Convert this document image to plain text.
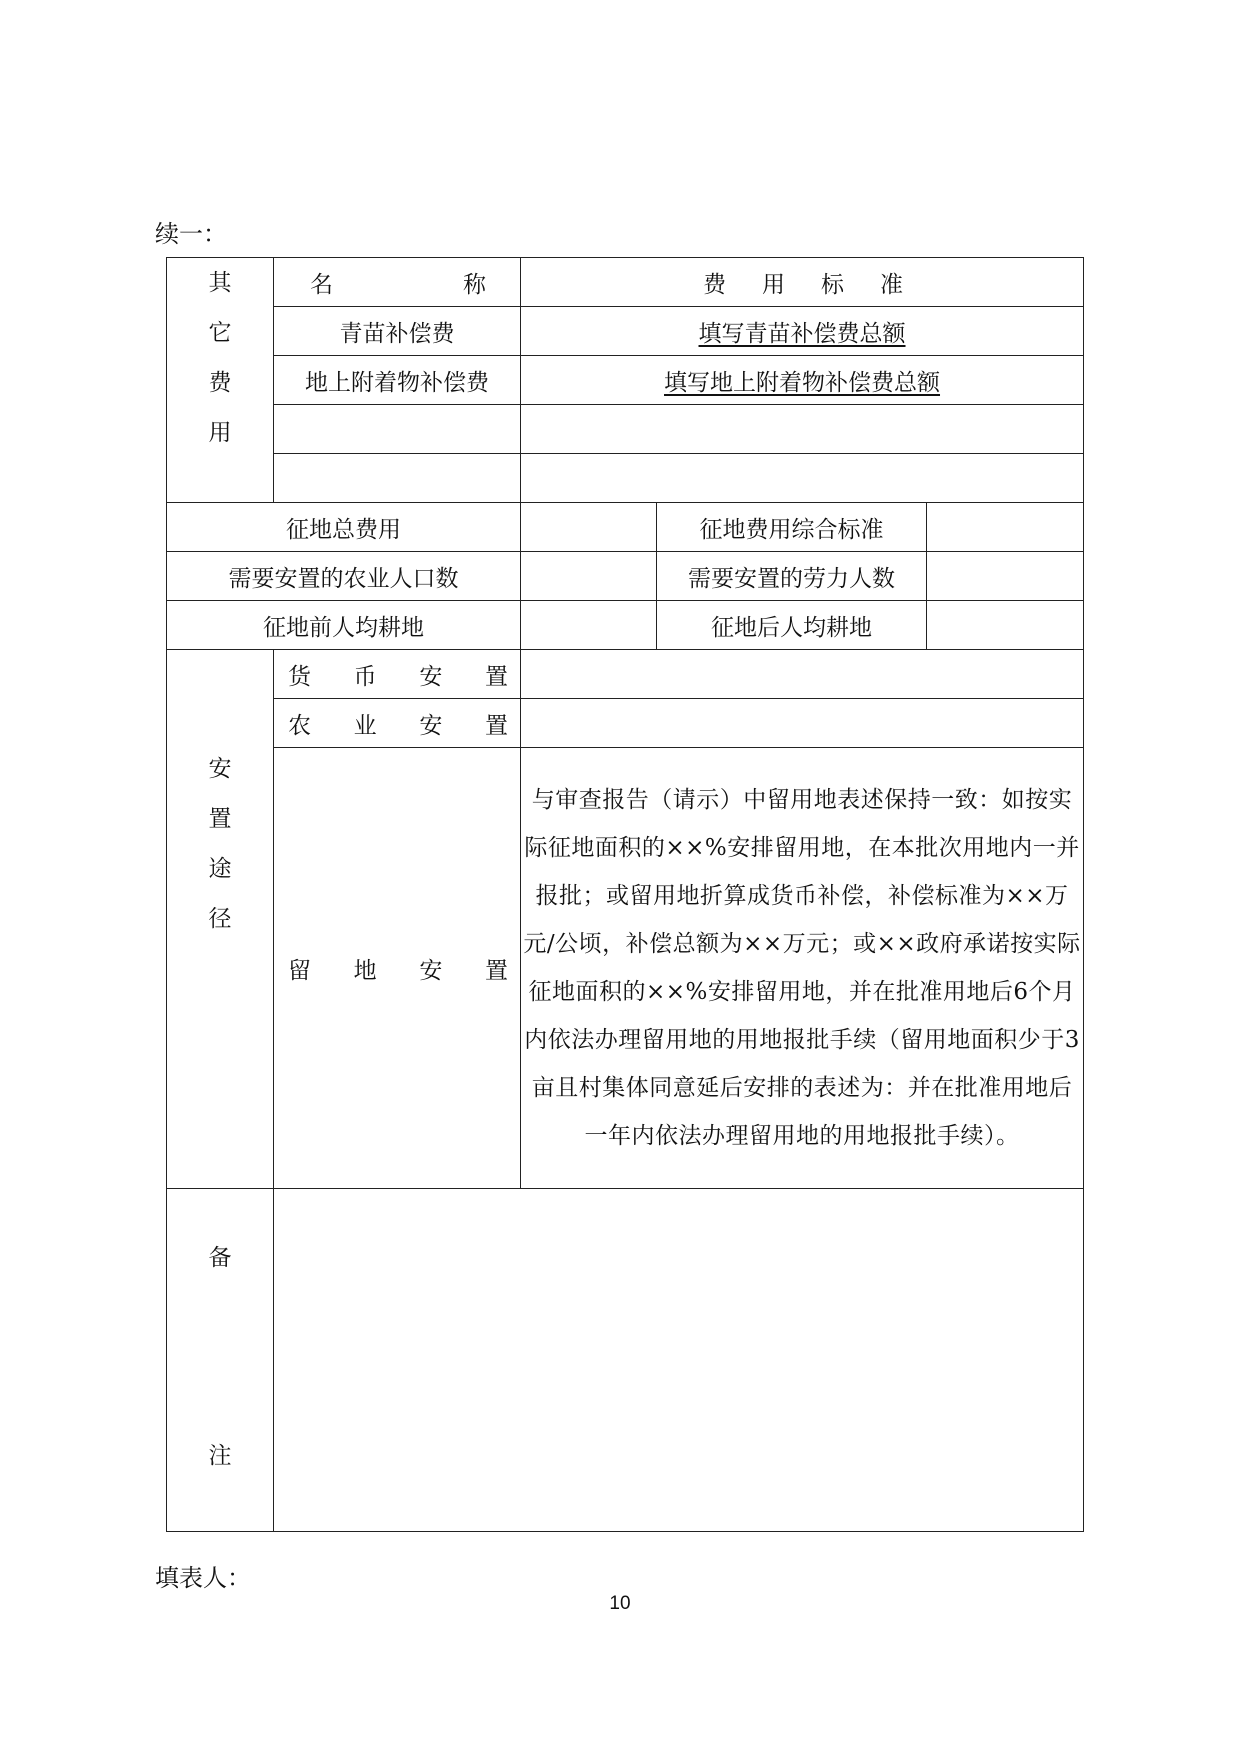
续一：
其
它
费
用	名 称	费 用 标 准		

	青苗补偿费	填写青苗补偿费总额		
	地上附着物补偿费	填写地上附着物补偿费总额		

征地总费用			征地费用综合标准	
需要安置的农业人口数			需要安置的劳力人数	
征地前人均耕地			征地后人均耕地	

安
置
途
径	货 币 安 置			

	农 业 安 置			

	留 地 安 置	与审查报告（请示）中留用地表述保持一致：如按实际征地面积的××%安排留用地，在本批次用地内一并报批；或留用地折算成货币补偿，补偿标准为××万元/公顷，补偿总额为××万元；或××政府承诺按实际征地面积的××%安排留用地，并在批准用地后6个月内依法办理留用地的用地报批手续（留用地面积少于3亩且村集体同意延后安排的表述为：并在批准用地后一年内依法办理留用地的用地报批手续）。		

备
注				

填表人：
10
